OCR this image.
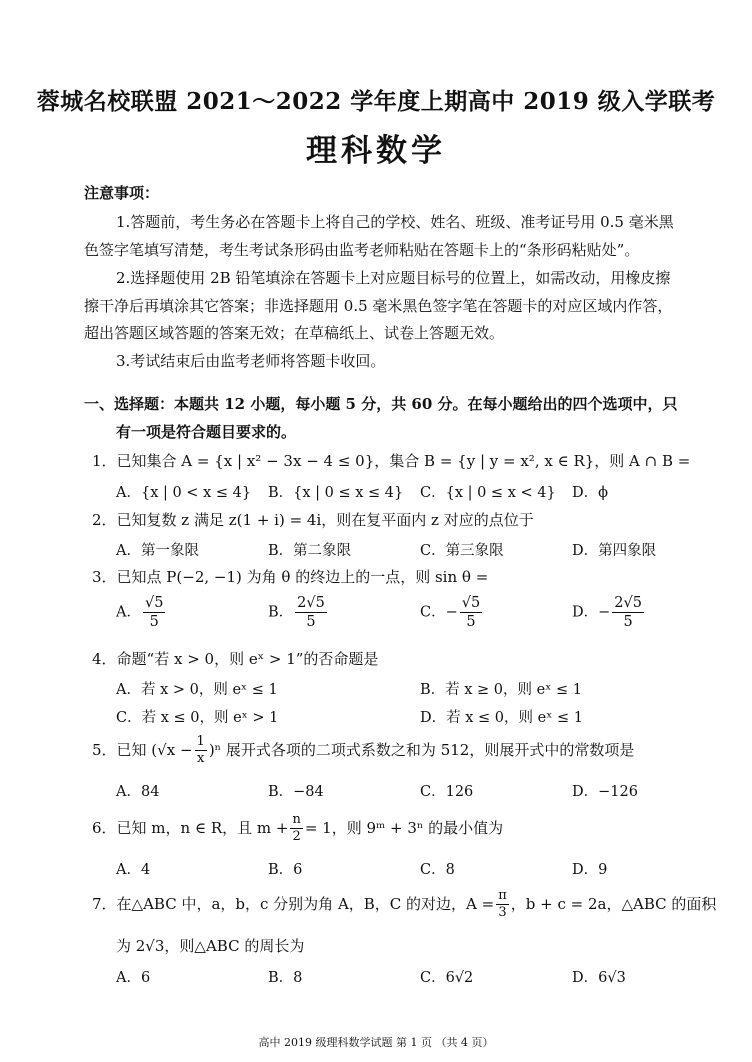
蓉城名校联盟 2021～2022 学年度上期高中 2019 级入学联考
理科数学
注意事项：
1.答题前，考生务必在答题卡上将自己的学校、姓名、班级、准考证号用 0.5 毫米黑
色签字笔填写清楚，考生考试条形码由监考老师粘贴在答题卡上的“条形码粘贴处”。
2.选择题使用 2B 铅笔填涂在答题卡上对应题目标号的位置上，如需改动，用橡皮擦
擦干净后再填涂其它答案；非选择题用 0.5 毫米黑色签字笔在答题卡的对应区域内作答，
超出答题区域答题的答案无效；在草稿纸上、试卷上答题无效。
3.考试结束后由监考老师将答题卡收回。
一、选择题：本题共 12 小题，每小题 5 分，共 60 分。在每小题给出的四个选项中，只
有一项是符合题目要求的。
1．已知集合 A = {x | x² − 3x − 4 ≤ 0}，集合 B = {y | y = x², x ∈ R}，则 A ∩ B =
A．{x | 0 < x ≤ 4} B．{x | 0 ≤ x ≤ 4} C．{x | 0 ≤ x < 4} D．ϕ
2．已知复数 z 满足 z(1 + i) = 4i，则在复平面内 z 对应的点位于
A．第一象限	B．第二象限	C．第三象限	D．第四象限
3．已知点 P(−2, −1) 为角 θ 的终边上的一点，则 sin θ =
A． $\frac{√5}{5}$	B． $\frac{2√5}{5}$	C．− $\frac{√5}{5}$	D．− $\frac{2√5}{5}$
4．命题“若 x > 0，则 eˣ > 1”的否命题是
A．若 x > 0，则 eˣ ≤ 1	B．若 x ≥ 0，则 eˣ ≤ 1
C．若 x ≤ 0，则 eˣ > 1	D．若 x ≤ 0，则 eˣ ≤ 1
5．已知 $(√x - \frac{1}{x} )^n$ 展开式各项的二项式系数之和为 512，则展开式中的常数项是
A．84	B．−84	C．126	D．−126
6．已知 m，n ∈ R，且 $m + \frac{n}{2} = 1$，则 9ᵐ + 3ⁿ 的最小值为
A．4	B．6	C．8	D．9
7．在△ABC 中，a，b，c 分别为角 A，B，C 的对边，$A = \frac{\pi}{3}$ ，b + c = 2a，△ABC 的面积
为 2√3，则△ABC 的周长为
A．6	B．8	C．6√2	D．6√3
高中 2019 级理科数学试题 第 1 页 （共 4 页）
